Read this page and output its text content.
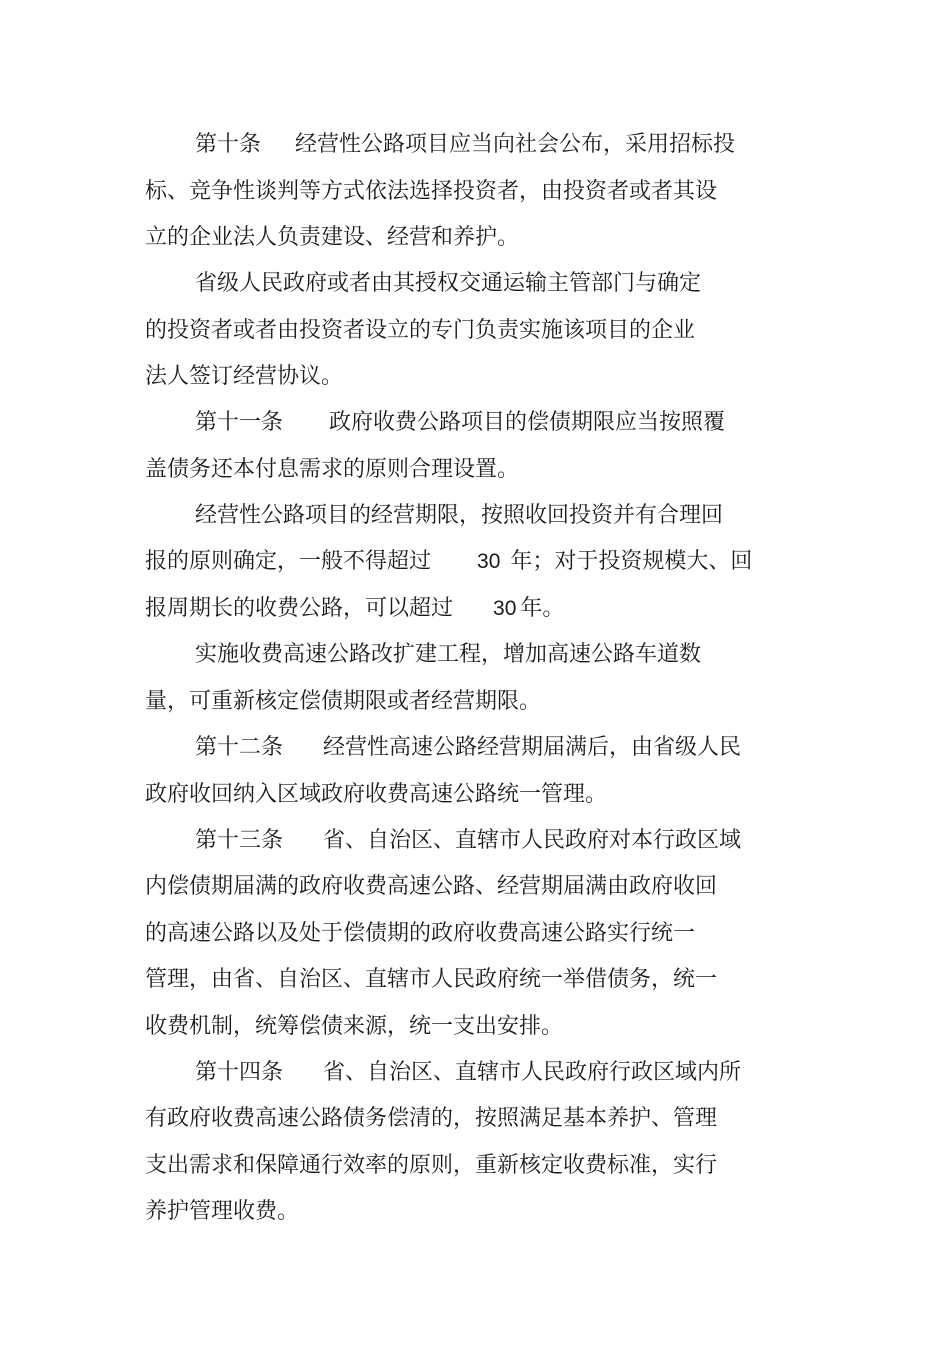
第十条 经营性公路项目应当向社会公布，采用招标投
标、竞争性谈判等方式依法选择投资者，由投资者或者其设
立的企业法人负责建设、经营和养护。
省级人民政府或者由其授权交通运输主管部门与确定
的投资者或者由投资者设立的专门负责实施该项目的企业
法人签订经营协议。
第十一条 政府收费公路项目的偿债期限应当按照覆
盖债务还本付息需求的原则合理设置。
经营性公路项目的经营期限，按照收回投资并有合理回
报的原则确定，一般不得超过 30 年；对于投资规模大、回
报周期长的收费公路，可以超过 30 年。
实施收费高速公路改扩建工程，增加高速公路车道数
量，可重新核定偿债期限或者经营期限。
第十二条 经营性高速公路经营期届满后，由省级人民
政府收回纳入区域政府收费高速公路统一管理。
第十三条 省、自治区、直辖市人民政府对本行政区域
内偿债期届满的政府收费高速公路、经营期届满由政府收回
的高速公路以及处于偿债期的政府收费高速公路实行统一
管理，由省、自治区、直辖市人民政府统一举借债务，统一
收费机制，统筹偿债来源，统一支出安排。
第十四条 省、自治区、直辖市人民政府行政区域内所
有政府收费高速公路债务偿清的，按照满足基本养护、管理
支出需求和保障通行效率的原则，重新核定收费标准，实行
养护管理收费。
